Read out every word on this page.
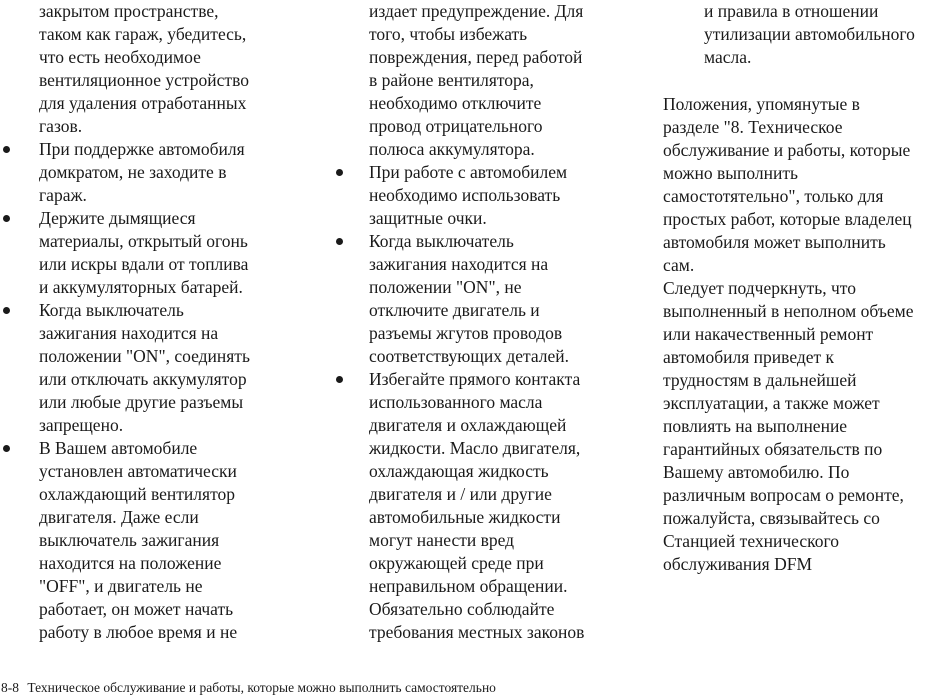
закрытом пространстве,

таком как гараж, убедитесь,

что есть необходимое

вентиляционное устройство

для удаления отработанных

газов.

При поддержке автомобиля

домкратом, не заходите в

гараж.

Держите дымящиеся

материалы, открытый огонь

или искры вдали от топлива

и аккумуляторных батарей.

Когда выключатель

зажигания находится на

положении "ON", соединять

или отключать аккумулятор

или любые другие разъемы

запрещено.

В Вашем автомобиле

установлен автоматически

охлаждающий вентилятор

двигателя. Даже если

выключатель зажигания

находится на положение

"OFF", и двигатель не

работает, он может начать

работу в любое время и не

издает предупреждение. Для

того, чтобы избежать

повреждения, перед работой

в районе вентилятора,

необходимо отключите

провод отрицательного

полюса аккумулятора.

При работе с автомобилем

необходимо использовать

защитные очки.

Когда выключатель

зажигания находится на

положении "ON", не

отключите двигатель и

разъемы жгутов проводов

соответствующих деталей.

Избегайте прямого контакта

использованного масла

двигателя и охлаждающей

жидкости. Масло двигателя,

охлаждающая жидкость

двигателя и / или другие

автомобильные жидкости

могут нанести вред

окружающей среде при

неправильном обращении.

Обязательно соблюдайте

требования местных законов

и правила в отношении

утилизации автомобильного

масла.

Положения, упомянутые в

разделе "8. Техническое

обслуживание и работы, которые

можно выполнить

самостотятельно", только для

простых работ, которые владелец

автомобиля может выполнить

сам.

Следует подчеркнуть, что

выполненный в неполном объеме

или накачественный ремонт

автомобиля приведет к

трудностям в дальнейшей

эксплуатации, а также может

повлиять на выполнение

гарантийных обязательств по

Вашему автомобилю. По

различным вопросам о ремонте,

пожалуйста, связывайтесь со

Станцией технического

обслуживания DFM

8-8 Техническое обслуживание и работы, которые можно выполнить самостоятельно
